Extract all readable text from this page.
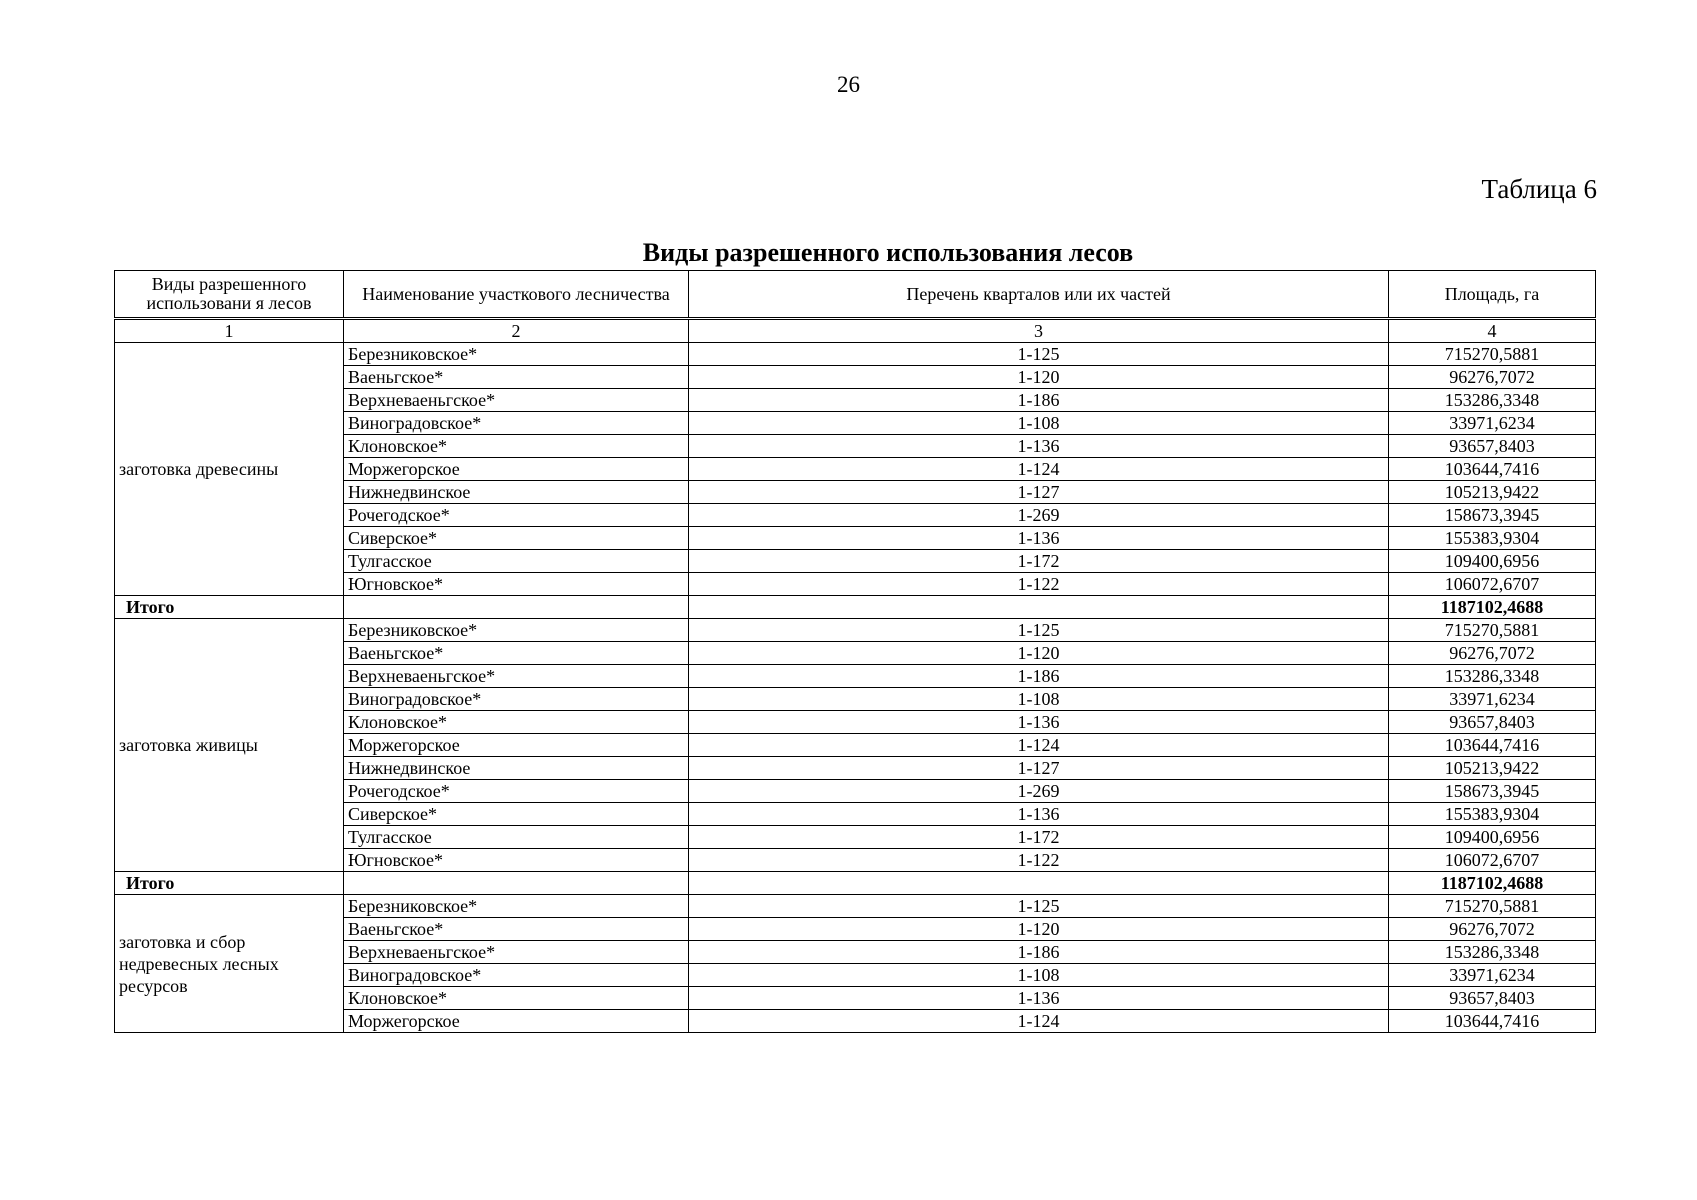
26
Таблица 6
Виды разрешенного использования лесов
Виды разрешенного использовани я лесов	Наименование участкового лесничества	Перечень кварталов или их частей	Площадь, га
1	2	3	4
заготовка древесины	Березниковское*	1-125	715270,5881
	Ваеньгское*	1-120	96276,7072
	Верхневаеньгское*	1-186	153286,3348
	Виноградовское*	1-108	33971,6234
	Клоновское*	1-136	93657,8403
	Моржегорское	1-124	103644,7416
	Нижнедвинское	1-127	105213,9422
	Рочегодское*	1-269	158673,3945
	Сиверское*	1-136	155383,9304
	Тулгасское	1-172	109400,6956
	Югновское*	1-122	106072,6707
Итого			1187102,4688
заготовка живицы	Березниковское*	1-125	715270,5881
	Ваеньгское*	1-120	96276,7072
	Верхневаеньгское*	1-186	153286,3348
	Виноградовское*	1-108	33971,6234
	Клоновское*	1-136	93657,8403
	Моржегорское	1-124	103644,7416
	Нижнедвинское	1-127	105213,9422
	Рочегодское*	1-269	158673,3945
	Сиверское*	1-136	155383,9304
	Тулгасское	1-172	109400,6956
	Югновское*	1-122	106072,6707
Итого			1187102,4688
заготовка и сбор недревесных лесных ресурсов	Березниковское*	1-125	715270,5881
	Ваеньгское*	1-120	96276,7072
	Верхневаеньгское*	1-186	153286,3348
	Виноградовское*	1-108	33971,6234
	Клоновское*	1-136	93657,8403
	Моржегорское	1-124	103644,7416
